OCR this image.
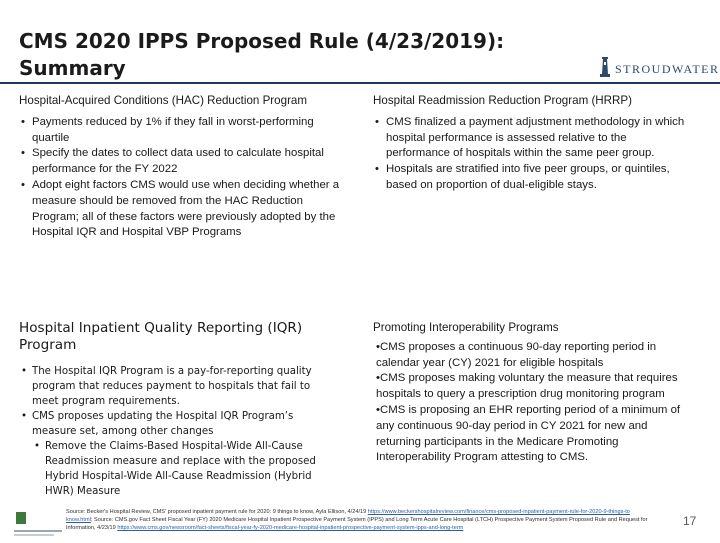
CMS 2020 IPPS Proposed Rule (4/23/2019): Summary	STROUDWATER
Hospital-Acquired Conditions (HAC) Reduction Program
• Payments reduced by 1% if they fall in worst-performing quartile
• Specify the dates to collect data used to calculate hospital performance for the FY 2022
• Adopt eight factors CMS would use when deciding whether a measure should be removed from the HAC Reduction Program; all of these factors were previously adopted by the Hospital IQR and Hospital VBP Programs
Hospital Readmission Reduction Program (HRRP)
• CMS finalized a payment adjustment methodology in which hospital performance is assessed relative to the performance of hospitals within the same peer group.
• Hospitals are stratified into five peer groups, or quintiles, based on proportion of dual-eligible stays.
Hospital Inpatient Quality Reporting (IQR) Program
• The Hospital IQR Program is a pay-for-reporting quality program that reduces payment to hospitals that fail to meet program requirements.
• CMS proposes updating the Hospital IQR Program’s measure set, among other changes
• Remove the Claims-Based Hospital-Wide All-Cause Readmission measure and replace with the proposed Hybrid Hospital-Wide All-Cause Readmission (Hybrid HWR) Measure
Promoting Interoperability Programs
•CMS proposes a continuous 90-day reporting period in calendar year (CY) 2021 for eligible hospitals
•CMS proposes making voluntary the measure that requires hospitals to query a prescription drug monitoring program
•CMS is proposing an EHR reporting period of a minimum of any continuous 90-day period in CY 2021 for new and returning participants in the Medicare Promoting Interoperability Program attesting to CMS.
Source: Becker's Hospital Review, CMS' proposed inpatient payment rule for 2020: 9 things to know, Ayla Ellison, 4/24/19 https://www.beckershospitalreview.com/finance/cms-proposed-inpatient-payment-rule-for-2020-9-things-to
know.html; Source: CMS.gov Fact Sheet Fiscal Year (FY) 2020 Medicare Hospital Inpatient Prospective Payment System (IPPS) and Long Term Acute Care Hospital (LTCH) Prospective Payment System Proposed Rule and Request for
Information, 4/23/19 https://www.cms.gov/newsroom/fact-sheets/fiscal-year-fy-2020-medicare-hospital-inpatient-prospective-payment-system-ipps-and-long-term	17
